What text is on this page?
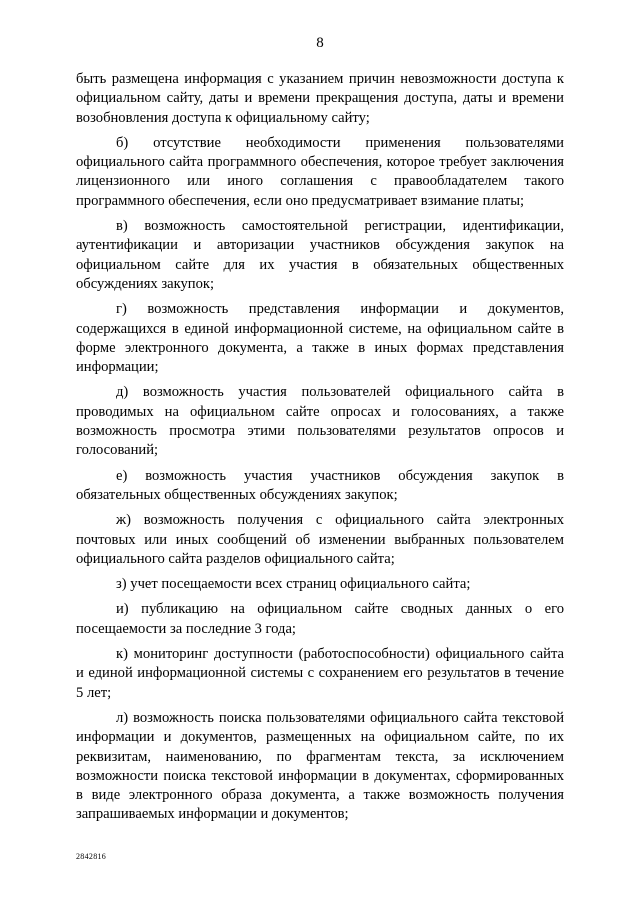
8

быть размещена информация с указанием причин невозможности доступа к официальном сайту, даты и времени прекращения доступа, даты и времени возобновления доступа к официальному сайту;

б) отсутствие необходимости применения пользователями официального сайта программного обеспечения, которое требует заключения лицензионного или иного соглашения с правообладателем такого программного обеспечения, если оно предусматривает взимание платы;

в) возможность самостоятельной регистрации, идентификации, аутентификации и авторизации участников обсуждения закупок на официальном сайте для их участия в обязательных общественных обсуждениях закупок;

г) возможность представления информации и документов, содержащихся в единой информационной системе, на официальном сайте в форме электронного документа, а также в иных формах представления информации;

д) возможность участия пользователей официального сайта в проводимых на официальном сайте опросах и голосованиях, а также возможность просмотра этими пользователями результатов опросов и голосований;

е) возможность участия участников обсуждения закупок в обязательных общественных обсуждениях закупок;

ж) возможность получения с официального сайта электронных почтовых или иных сообщений об изменении выбранных пользователем официального сайта разделов официального сайта;

з) учет посещаемости всех страниц официального сайта;

и) публикацию на официальном сайте сводных данных о его посещаемости за последние 3 года;

к) мониторинг доступности (работоспособности) официального сайта и единой информационной системы с сохранением его результатов в течение 5 лет;

л) возможность поиска пользователями официального сайта текстовой информации и документов, размещенных на официальном сайте, по их реквизитам, наименованию, по фрагментам текста, за исключением возможности поиска текстовой информации в документах, сформированных в виде электронного образа документа, а также возможность получения запрашиваемых информации и документов;

2842816
